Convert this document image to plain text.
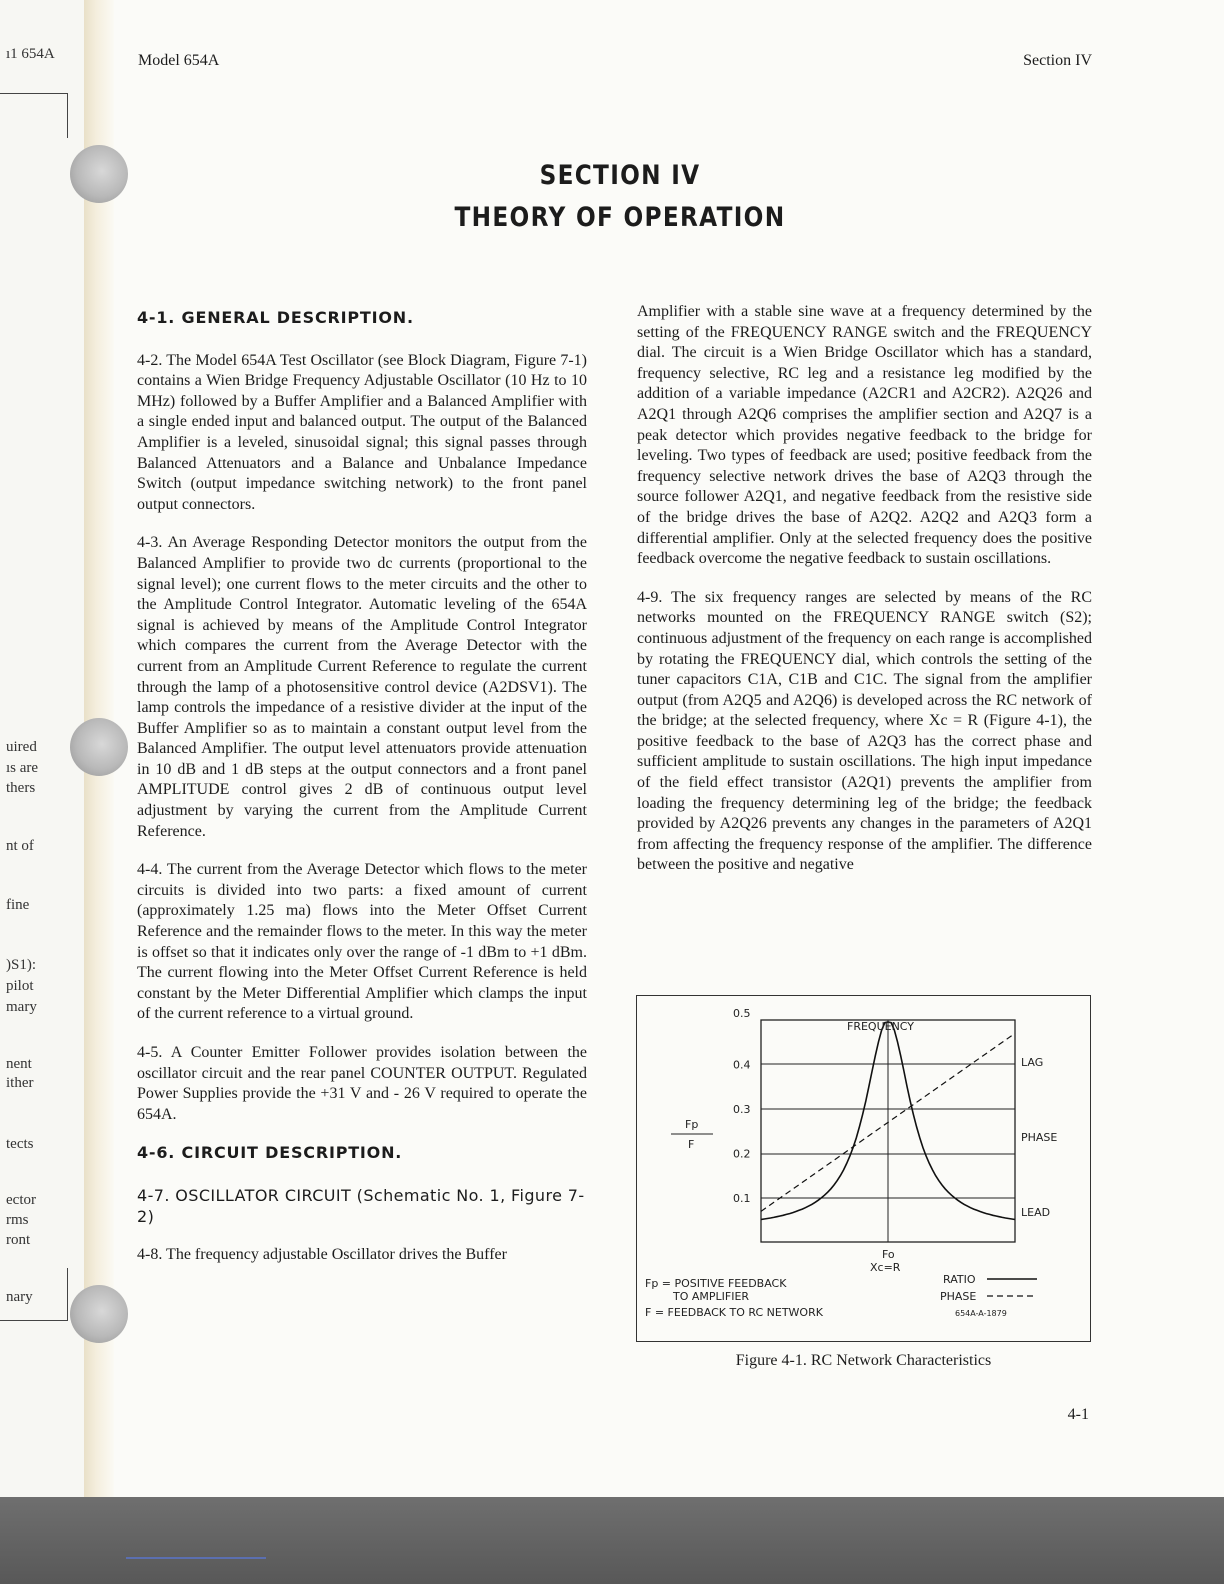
ı1 654A
uired
ıs are
thers
nt of
fine
)S1):
pilot
mary
nent
ither
tects
ector
rms
ront
nary
Model 654A	Section IV
SECTION IV
THEORY OF OPERATION
4-1. GENERAL DESCRIPTION.

4-2. The Model 654A Test Oscillator (see Block Diagram, Figure 7-1) contains a Wien Bridge Frequency Adjustable Oscillator (10 Hz to 10 MHz) followed by a Buffer Amplifier and a Balanced Amplifier with a single ended input and balanced output. The output of the Balanced Amplifier is a leveled, sinusoidal signal; this signal passes through Balanced Attenuators and a Balance and Unbalance Impedance Switch (output impedance switching network) to the front panel output connectors.

4-3. An Average Responding Detector monitors the output from the Balanced Amplifier to provide two dc currents (proportional to the signal level); one current flows to the meter circuits and the other to the Amplitude Control Integrator. Automatic leveling of the 654A signal is achieved by means of the Amplitude Control Integrator which compares the current from the Average Detector with the current from an Amplitude Current Reference to regulate the current through the lamp of a photosensitive control device (A2DSV1). The lamp controls the impedance of a resistive divider at the input of the Buffer Amplifier so as to maintain a constant output level from the Balanced Amplifier. The output level attenuators provide attenuation in 10 dB and 1 dB steps at the output connectors and a front panel AMPLITUDE control gives 2 dB of continuous output level adjustment by varying the current from the Amplitude Current Reference.

4-4. The current from the Average Detector which flows to the meter circuits is divided into two parts: a fixed amount of current (approximately 1.25 ma) flows into the Meter Offset Current Reference and the remainder flows to the meter. In this way the meter is offset so that it indicates only over the range of -1 dBm to +1 dBm. The current flowing into the Meter Offset Current Reference is held constant by the Meter Differential Amplifier which clamps the input of the current reference to a virtual ground.

4-5. A Counter Emitter Follower provides isolation between the oscillator circuit and the rear panel COUNTER OUTPUT. Regulated Power Supplies provide the +31 V and - 26 V required to operate the 654A.

4-6. CIRCUIT DESCRIPTION.
4-7. OSCILLATOR CIRCUIT (Schematic No. 1, Figure 7-2)

4-8. The frequency adjustable Oscillator drives the Buffer

Amplifier with a stable sine wave at a frequency determined by the setting of the FREQUENCY RANGE switch and the FREQUENCY dial. The circuit is a Wien Bridge Oscillator which has a standard, frequency selective, RC leg and a resistance leg modified by the addition of a variable impedance (A2CR1 and A2CR2). A2Q26 and A2Q1 through A2Q6 comprises the amplifier section and A2Q7 is a peak detector which provides negative feedback to the bridge for leveling. Two types of feedback are used; positive feedback from the frequency selective network drives the base of A2Q3 through the source follower A2Q1, and negative feedback from the resistive side of the bridge drives the base of A2Q2. A2Q2 and A2Q3 form a differential amplifier. Only at the selected frequency does the positive feedback overcome the negative feedback to sustain oscillations.

4-9. The six frequency ranges are selected by means of the RC networks mounted on the FREQUENCY RANGE switch (S2); continuous adjustment of the frequency on each range is accomplished by rotating the FREQUENCY dial, which controls the setting of the tuner capacitors C1A, C1B and C1C. The signal from the amplifier output (from A2Q5 and A2Q6) is developed across the RC network of the bridge; at the selected frequency, where Xc = R (Figure 4-1), the positive feedback to the base of A2Q3 has the correct phase and sufficient amplitude to sustain oscillations. The high input impedance of the field effect transistor (A2Q1) prevents the amplifier from loading the frequency determining leg of the bridge; the feedback provided by A2Q26 prevents any changes in the parameters of A2Q1 from affecting the frequency response of the amplifier. The difference between the positive and negative

0.5
0.4
0.3
0.2
0.1
FREQUENCY
Fp
F
LAG
PHASE
LEAD
Fo
Xc=R
Fp = POSITIVE FEEDBACK
TO AMPLIFIER
F = FEEDBACK TO RC NETWORK
RATIO
PHASE
654A-A-1879
Figure 4-1. RC Network Characteristics
4-1
